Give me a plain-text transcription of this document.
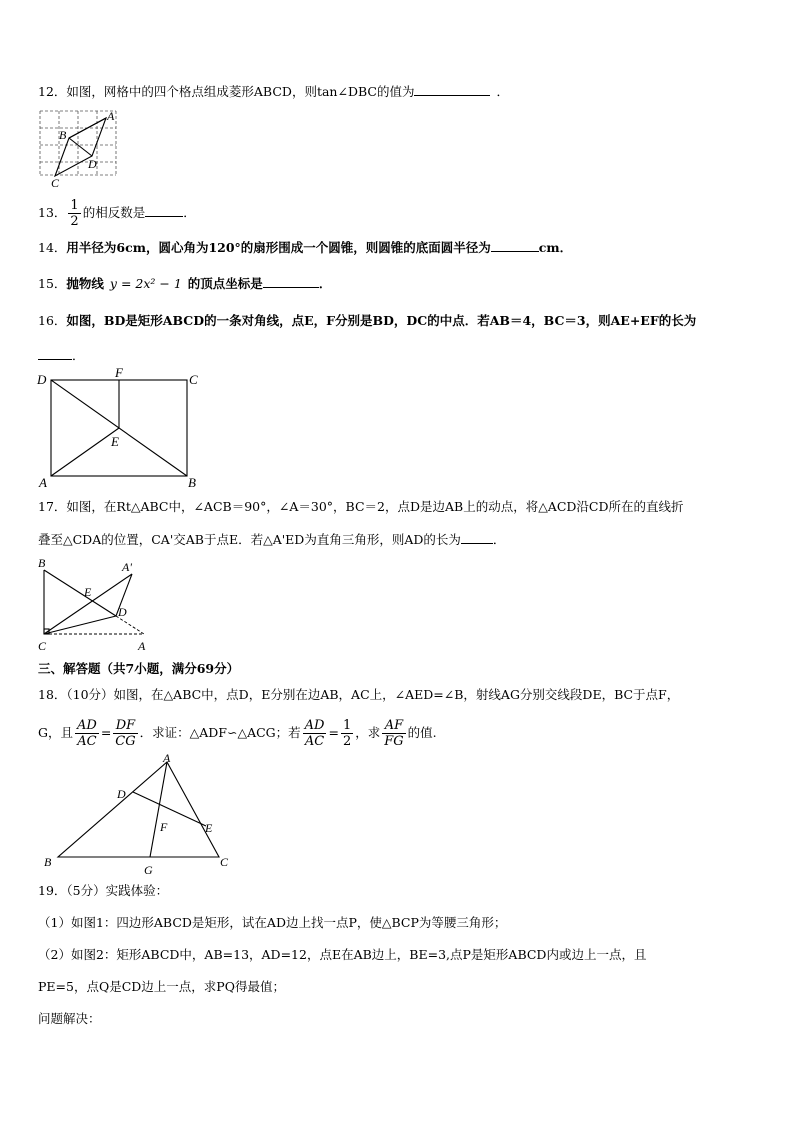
12．如图，网格中的四个格点组成菱形ABCD，则tan∠DBC的值为	．
A
B
D
C
13． $\frac{1}{2}$ 的相反数是	．
14．用半径为6cm，圆心角为120°的扇形围成一个圆锥，则圆锥的底面圆半径为	cm．
15．抛物线 y = 2x² − 1 的顶点坐标是	．
16．如图，BD是矩形ABCD的一条对角线，点E，F分别是BD，DC的中点．若AB＝4，BC＝3，则AE+EF的长为
．
D	F	C
E
A	B
17．如图，在Rt△ABC中，∠ACB＝90°，∠A＝30°，BC＝2，点D是边AB上的动点，将△ACD沿CD所在的直线折
叠至△CDA的位置，CA'交AB于点E．若△A'ED为直角三角形，则AD的长为	．
B	A'
E
D
C	A
三、解答题（共7小题，满分69分）
18．（10分）如图，在△ABC中，点D，E分别在边AB，AC上，∠AED=∠B，射线AG分别交线段DE，BC于点F，
G，且 $\frac{AD}{AC} = \frac{DF}{CG}$ ．求证：△ADF∽△ACG；若 $\frac{AD}{AC} = \frac{1}{2}$ ，求 $\frac{AF}{FG}$ 的值.
A
D
F	E
B
G
C
19．（5分）实践体验：
（1）如图1：四边形ABCD是矩形，试在AD边上找一点P，使△BCP为等腰三角形；
（2）如图2：矩形ABCD中，AB=13，AD=12，点E在AB边上，BE=3,点P是矩形ABCD内或边上一点，且
PE=5，点Q是CD边上一点，求PQ得最值；
问题解决：
